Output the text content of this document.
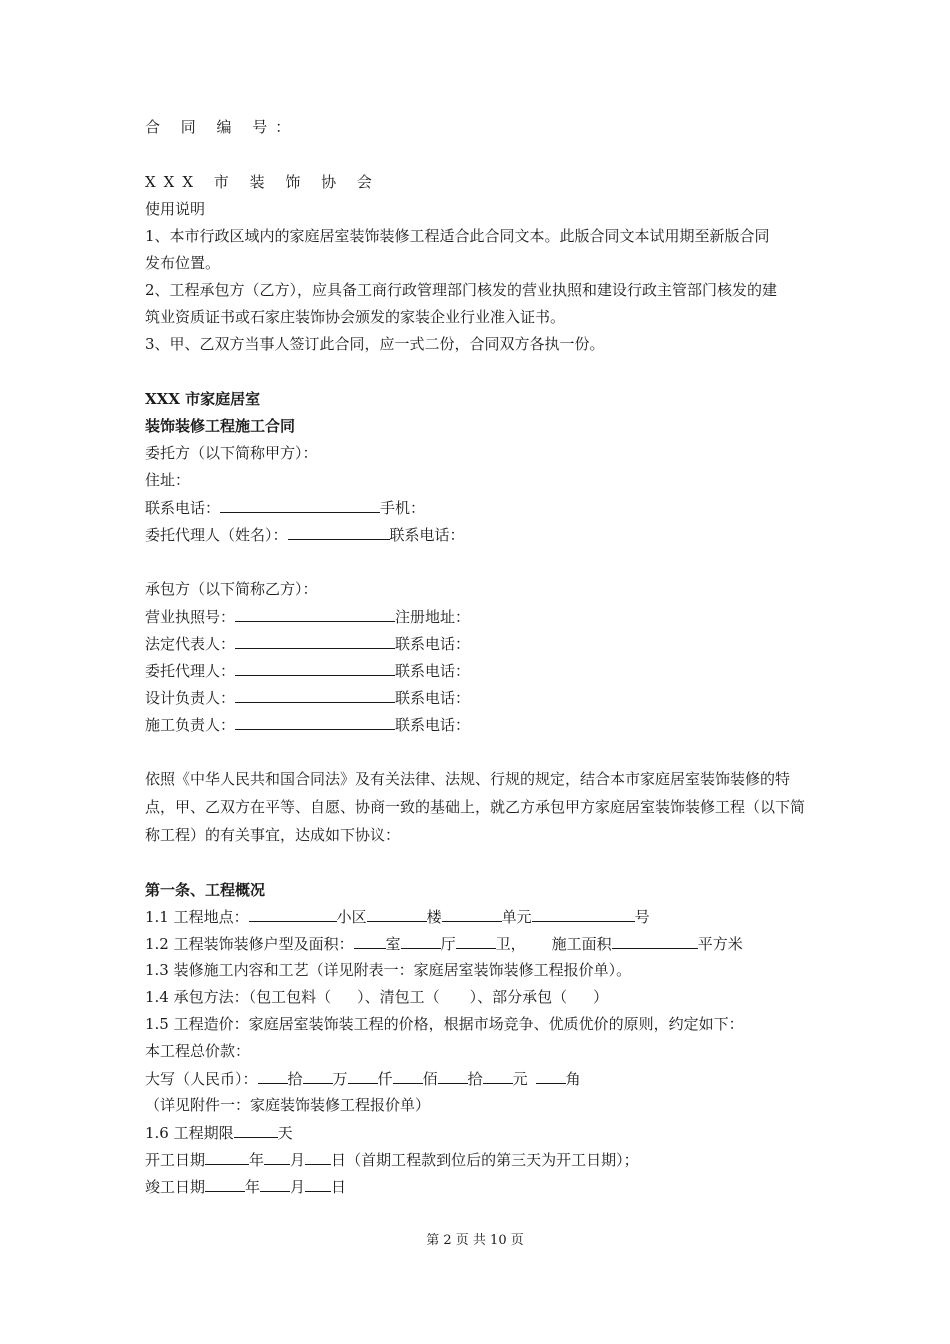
合 同 编 号：
XXX 市 装 饰 协 会
使用说明
1、本市行政区域内的家庭居室装饰装修工程适合此合同文本。此版合同文本试用期至新版合同
发布位置。
2、工程承包方（乙方），应具备工商行政管理部门核发的营业执照和建设行政主管部门核发的建
筑业资质证书或石家庄装饰协会颁发的家装企业行业准入证书。
3、甲、乙双方当事人签订此合同，应一式二份，合同双方各执一份。
XXX 市家庭居室
装饰装修工程施工合同
委托方（以下简称甲方）：
住址：
联系电话：	手机：
委托代理人（姓名）：	联系电话：
承包方（以下简称乙方）：
营业执照号：	注册地址：
法定代表人：	联系电话：
委托代理人：	联系电话：
设计负责人：	联系电话：
施工负责人：	联系电话：
依照《中华人民共和国合同法》及有关法律、法规、行规的规定，结合本市家庭居室装饰装修的特
点，甲、乙双方在平等、自愿、协商一致的基础上，就乙方承包甲方家庭居室装饰装修工程（以下简
称工程）的有关事宜，达成如下协议：
第一条、工程概况
1.1 工程地点：	小区	楼	单元	号
1.2 工程装饰装修户型及面积： 室	厅	卫， 施工面积	平方米
1.3 装修施工内容和工艺（详见附表一：家庭居室装饰装修工程报价单）。
1.4 承包方法：（包工包料（ ）、清包工（ ）、部分承包（ ）
1.5 工程造价：家庭居室装饰装工程的价格，根据市场竞争、优质优价的原则，约定如下：
本工程总价款：
大写（人民币）： 拾 万 仟 佰 拾 元	角
（详见附件一：家庭装饰装修工程报价单）
1.6 工程期限	天
开工日期	年 月 日（首期工程款到位后的第三天为开工日期）；
竣工日期	年 月 日
第 2 页 共 10 页
